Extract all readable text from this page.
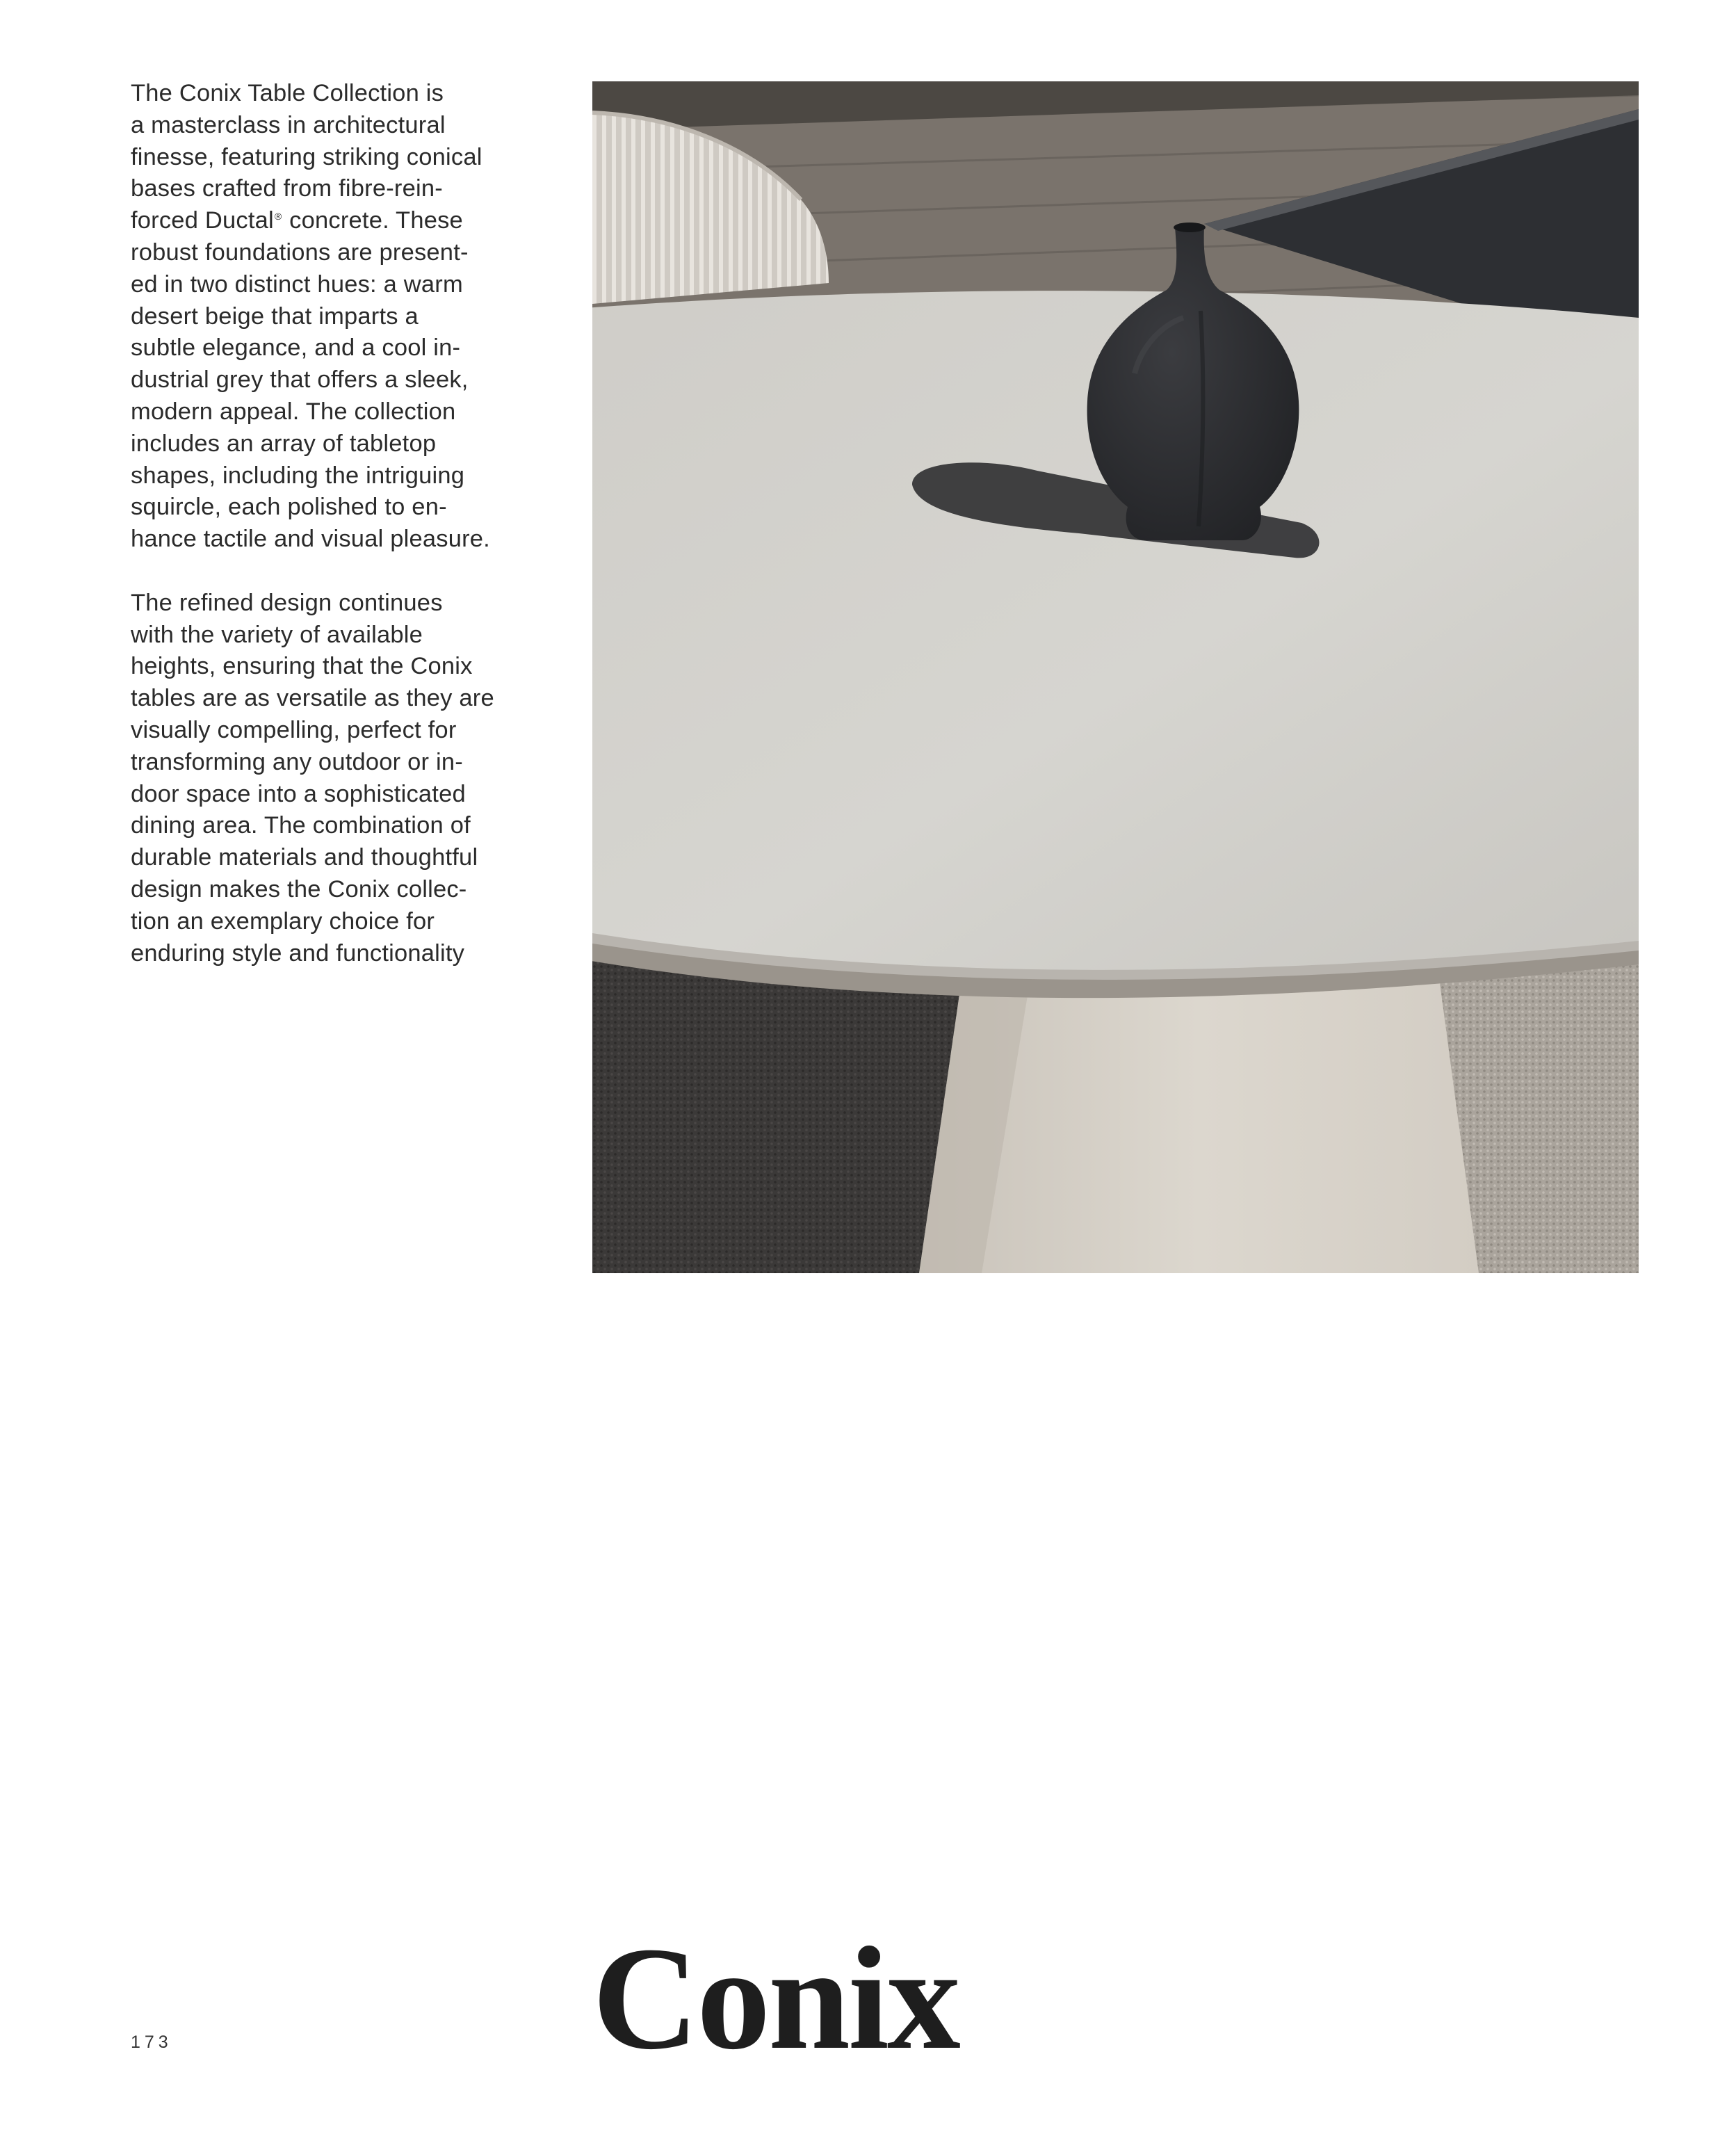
The Conix Table Collection is
a masterclass in architectural
finesse, featuring striking conical
bases crafted from fibre-rein-
forced Ductal® concrete. These
robust foundations are present-
ed in two distinct hues: a warm
desert beige that imparts a
subtle elegance, and a cool in-
dustrial grey that offers a sleek,
modern appeal. The collection
includes an array of tabletop
shapes, including the intriguing
squircle, each polished to en-
hance tactile and visual pleasure.

The refined design continues
with the variety of available
heights, ensuring that the Conix
tables are as versatile as they are
visually compelling, perfect for
transforming any outdoor or in-
door space into a sophisticated
dining area. The combination of
durable materials and thoughtful
design makes the Conix collec-
tion an exemplary choice for
enduring style and functionality

173	Conix
